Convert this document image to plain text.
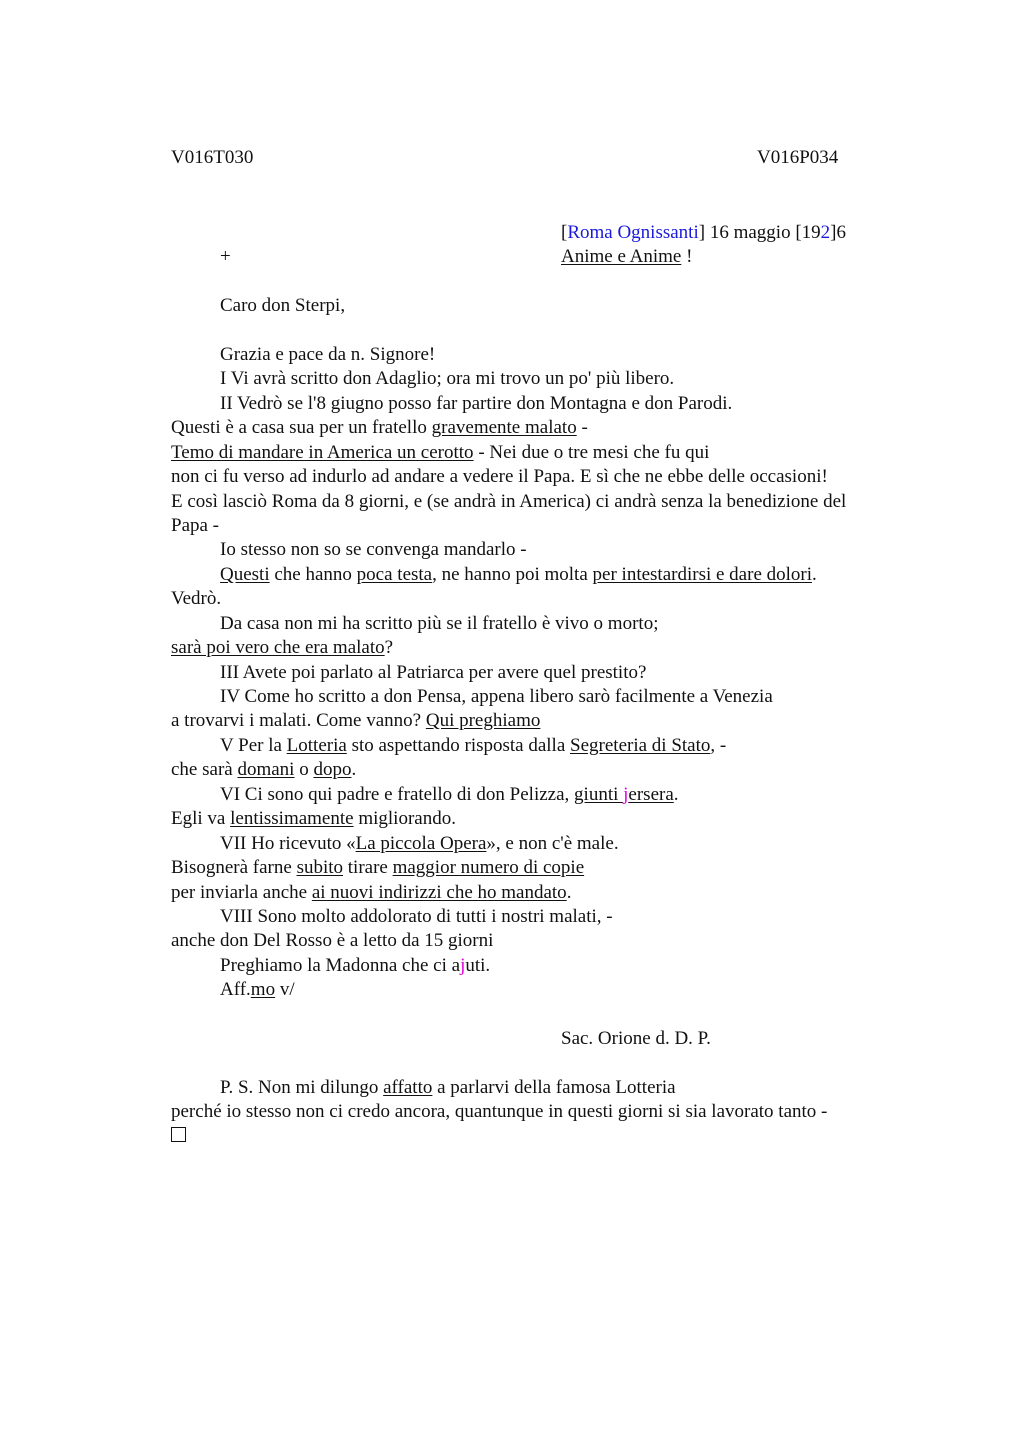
V016T030	V016P034
[Roma Ognissanti] 16 maggio [192]6
+	Anime e Anime !
Caro don Sterpi,
Grazia e pace da n. Signore!
I Vi avrà scritto don Adaglio; ora mi trovo un po' più libero.
II Vedrò se l'8 giugno posso far partire don Montagna e don Parodi.
Questi è a casa sua per un fratello gravemente malato -
Temo di mandare in America un cerotto - Nei due o tre mesi che fu qui
non ci fu verso ad indurlo ad andare a vedere il Papa. E sì che ne ebbe delle occasioni!
E così lasciò Roma da 8 giorni, e (se andrà in America) ci andrà senza la benedizione del
Papa -
Io stesso non so se convenga mandarlo -
Questi che hanno poca testa, ne hanno poi molta per intestardirsi e dare dolori.
Vedrò.
Da casa non mi ha scritto più se il fratello è vivo o morto;
sarà poi vero che era malato?
III Avete poi parlato al Patriarca per avere quel prestito?
IV Come ho scritto a don Pensa, appena libero sarò facilmente a Venezia
a trovarvi i malati. Come vanno? Qui preghiamo
V Per la Lotteria sto aspettando risposta dalla Segreteria di Stato, -
che sarà domani o dopo.
VI Ci sono qui padre e fratello di don Pelizza, giunti jersera.
Egli va lentissimamente migliorando.
VII Ho ricevuto «La piccola Opera», e non c'è male.
Bisognerà farne subito tirare maggior numero di copie
per inviarla anche ai nuovi indirizzi che ho mandato.
VIII Sono molto addolorato di tutti i nostri malati, -
anche don Del Rosso è a letto da 15 giorni
Preghiamo la Madonna che ci ajuti.
Aff.mo v/
Sac. Orione d. D. P.
P. S. Non mi dilungo affatto a parlarvi della famosa Lotteria
perché io stesso non ci credo ancora, quantunque in questi giorni si sia lavorato tanto -
